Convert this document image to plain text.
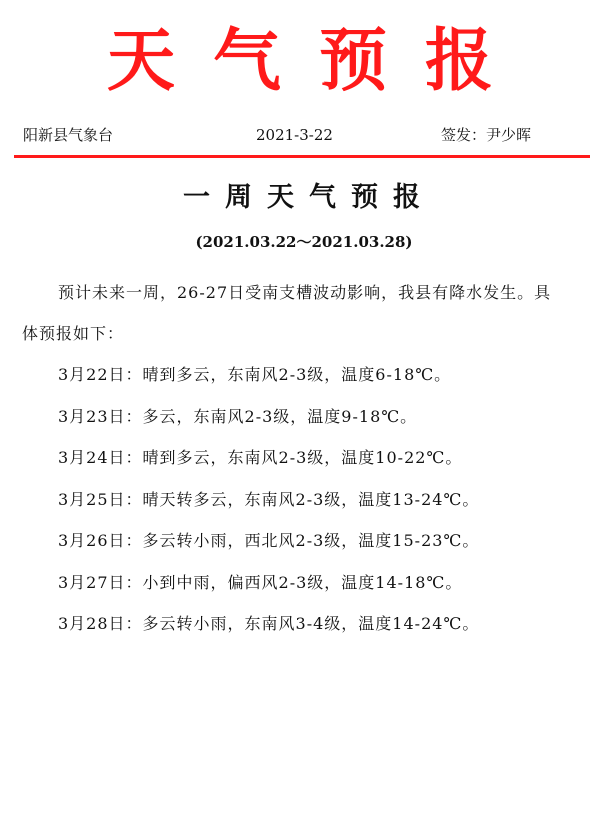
天气预报
阳新县气象台	2021-3-22	签发：尹少晖
一周天气预报
(2021.03.22～2021.03.28)

预计未来一周，26-27日受南支槽波动影响，我县有降水发生。具体预报如下：

3月22日：晴到多云，东南风2-3级，温度6-18℃。
3月23日：多云，东南风2-3级，温度9-18℃。
3月24日：晴到多云，东南风2-3级，温度10-22℃。
3月25日：晴天转多云，东南风2-3级，温度13-24℃。
3月26日：多云转小雨，西北风2-3级，温度15-23℃。
3月27日：小到中雨，偏西风2-3级，温度14-18℃。
3月28日：多云转小雨，东南风3-4级，温度14-24℃。
